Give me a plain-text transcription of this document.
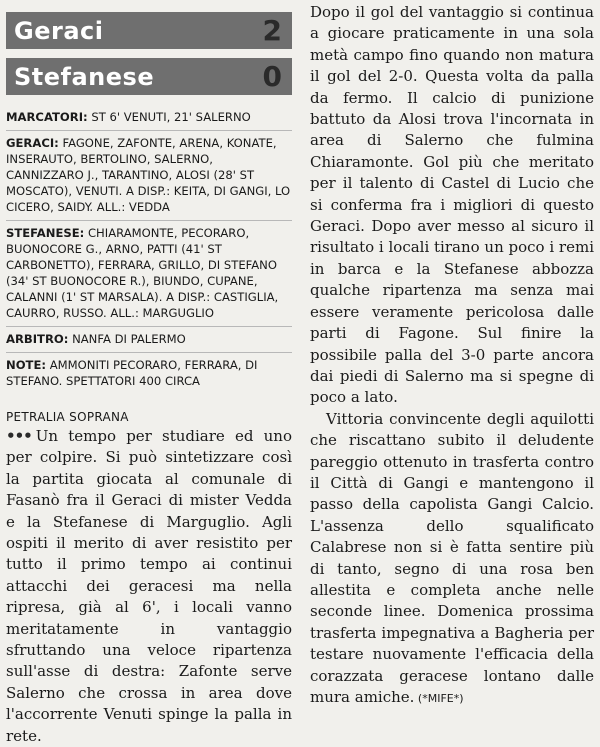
Geraci	2
Stefanese	0
MARCATORI: ST 6' VENUTI, 21' SALERNO
GERACI: FAGONE, ZAFONTE, ARENA, KONATE, INSERAUTO, BERTOLINO, SALERNO, CANNIZZARO J., TARANTINO, ALOSI (28' ST MOSCATO), VENUTI. A DISP.: KEITA, DI GANGI, LO CICERO, SAIDY. ALL.: VEDDA
STEFANESE: CHIARAMONTE, PECORARO, BUONOCORE G., ARNO, PATTI (41' ST CARBONETTO), FERRARA, GRILLO, DI STEFANO (34' ST BUONOCORE R.), BIUNDO, CUPANE, CALANNI (1' ST MARSALA). A DISP.: CASTIGLIA, CAURRO, RUSSO. ALL.: MARGUGLIO
ARBITRO: NANFA DI PALERMO
NOTE: AMMONITI PECORARO, FERRARA, DI STEFANO. SPETTATORI 400 CIRCA
PETRALIA SOPRANA
••• Un tempo per studiare ed uno per colpire. Si può sintetizzare così la partita giocata al comunale di Fasanò fra il Geraci di mister Vedda e la Stefanese di Marguglio. Agli ospiti il merito di aver resistito per tutto il primo tempo ai continui attacchi dei geracesi ma nella ripresa, già al 6', i locali vanno meritatamente in vantaggio sfruttando una veloce ripartenza sull'asse di destra: Zafonte serve Salerno che crossa in area dove l'accorrente Venuti spinge la palla in rete.

Dopo il gol del vantaggio si continua a giocare praticamente in una sola metà campo fino quando non matura il gol del 2-0. Questa volta da palla da fermo. Il calcio di punizione battuto da Alosi trova l'incornata in area di Salerno che fulmina Chiaramonte. Gol più che meritato per il talento di Castel di Lucio che si conferma fra i migliori di questo Geraci. Dopo aver messo al sicuro il risultato i locali tirano un poco i remi in barca e la Stefanese abbozza qualche ripartenza ma senza mai essere veramente pericolosa dalle parti di Fagone. Sul finire la possibile palla del 3-0 parte ancora dai piedi di Salerno ma si spegne di poco a lato.

Vittoria convincente degli aquilotti che riscattano subito il deludente pareggio ottenuto in trasferta contro il Città di Gangi e mantengono il passo della capolista Gangi Calcio. L'assenza dello squalificato Calabrese non si è fatta sentire più di tanto, segno di una rosa ben allestita e completa anche nelle seconde linee. Domenica prossima trasferta impegnativa a Bagheria per testare nuovamente l'efficacia della corazzata geracese lontano dalle mura amiche. (*MIFE*)
